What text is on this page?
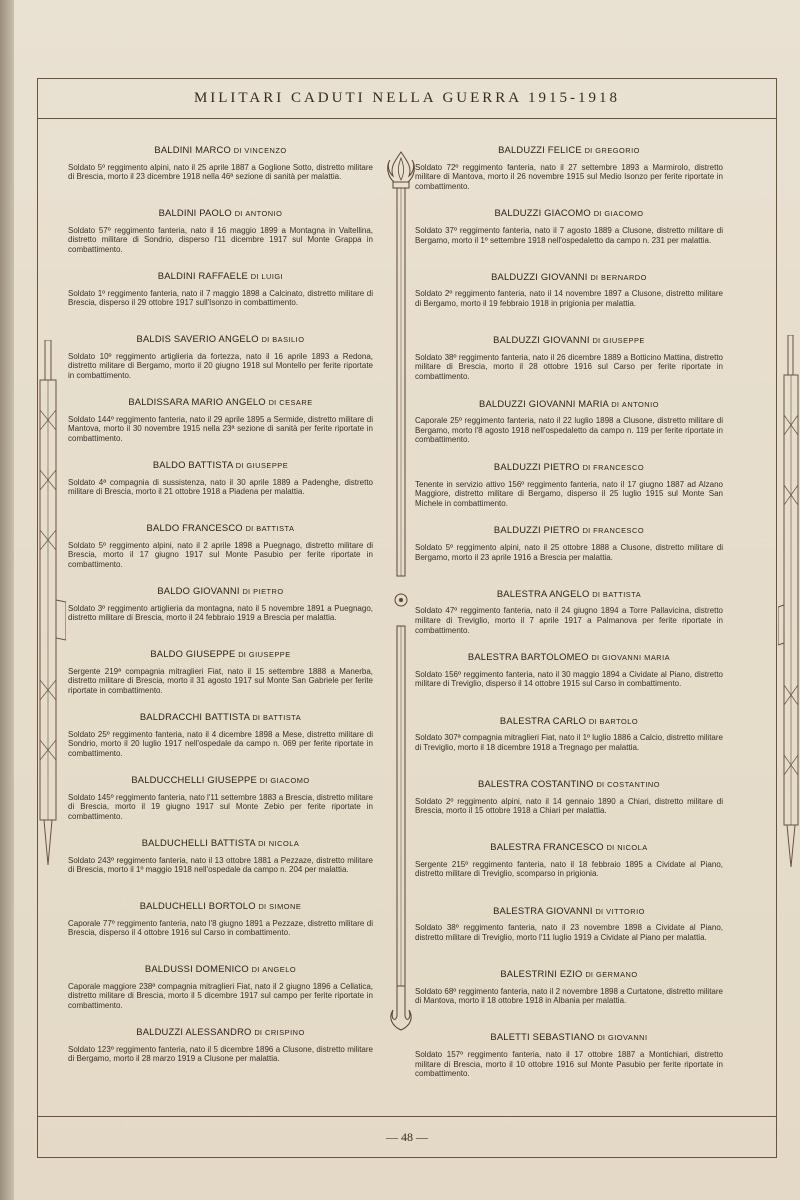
MILITARI CADUTI NELLA GUERRA 1915-1918
BALDINI MARCO DI VINCENZO
Soldato 5º reggimento alpini, nato il 25 aprile 1887 a Goglione Sotto, distretto militare di Brescia, morto il 23 dicembre 1918 nella 46ª sezione di sanità per malattia.
BALDINI PAOLO DI ANTONIO
Soldato 57º reggimento fanteria, nato il 16 maggio 1899 a Montagna in Valtellina, distretto militare di Sondrio, disperso l'11 dicembre 1917 sul Monte Grappa in combattimento.
BALDINI RAFFAELE DI LUIGI
Soldato 1º reggimento fanteria, nato il 7 maggio 1898 a Calcinato, distretto militare di Brescia, disperso il 29 ottobre 1917 sull'Isonzo in combattimento.
BALDIS SAVERIO ANGELO DI BASILIO
Soldato 10º reggimento artiglieria da fortezza, nato il 16 aprile 1893 a Redona, distretto militare di Bergamo, morto il 20 giugno 1918 sul Montello per ferite riportate in combattimento.
BALDISSARA MARIO ANGELO DI CESARE
Soldato 144º reggimento fanteria, nato il 29 aprile 1895 a Sermide, distretto militare di Mantova, morto il 30 novembre 1915 nella 23ª sezione di sanità per ferite riportate in combattimento.
BALDO BATTISTA DI GIUSEPPE
Soldato 4ª compagnia di sussistenza, nato il 30 aprile 1889 a Padenghe, distretto militare di Brescia, morto il 21 ottobre 1918 a Piadena per malattia.
BALDO FRANCESCO DI BATTISTA
Soldato 5º reggimento alpini, nato il 2 aprile 1898 a Puegnago, distretto militare di Brescia, morto il 17 giugno 1917 sul Monte Pasubio per ferite riportate in combattimento.
BALDO GIOVANNI DI PIETRO
Soldato 3º reggimento artiglieria da montagna, nato il 5 novembre 1891 a Puegnago, distretto militare di Brescia, morto il 24 febbraio 1919 a Brescia per malattia.
BALDO GIUSEPPE DI GIUSEPPE
Sergente 219ª compagnia mitraglieri Fiat, nato il 15 settembre 1888 a Manerba, distretto militare di Brescia, morto il 31 agosto 1917 sul Monte San Gabriele per ferite riportate in combattimento.
BALDRACCHI BATTISTA DI BATTISTA
Soldato 25º reggimento fanteria, nato il 4 dicembre 1898 a Mese, distretto militare di Sondrio, morto il 20 luglio 1917 nell'ospedale da campo n. 069 per ferite riportate in combattimento.
BALDUCCHELLI GIUSEPPE DI GIACOMO
Soldato 145º reggimento fanteria, nato l'11 settembre 1883 a Brescia, distretto militare di Brescia, morto il 19 giugno 1917 sul Monte Zebio per ferite riportate in combattimento.
BALDUCHELLI BATTISTA DI NICOLA
Soldato 243º reggimento fanteria, nato il 13 ottobre 1881 a Pezzaze, distretto militare di Brescia, morto il 1º maggio 1918 nell'ospedale da campo n. 204 per malattia.
BALDUCHELLI BORTOLO DI SIMONE
Caporale 77º reggimento fanteria, nato l'8 giugno 1891 a Pezzaze, distretto militare di Brescia, disperso il 4 ottobre 1916 sul Carso in combattimento.
BALDUSSI DOMENICO DI ANGELO
Caporale maggiore 238ª compagnia mitraglieri Fiat, nato il 2 giugno 1896 a Cellatica, distretto militare di Brescia, morto il 5 dicembre 1917 sul campo per ferite riportate in combattimento.
BALDUZZI ALESSANDRO DI CRISPINO
Soldato 123º reggimento fanteria, nato il 5 dicembre 1896 a Clusone, distretto militare di Bergamo, morto il 28 marzo 1919 a Clusone per malattia.
BALDUZZI FELICE DI GREGORIO
Soldato 72º reggimento fanteria, nato il 27 settembre 1893 a Marmirolo, distretto militare di Mantova, morto il 26 novembre 1915 sul Medio Isonzo per ferite riportate in combattimento.
BALDUZZI GIACOMO DI GIACOMO
Soldato 37º reggimento fanteria, nato il 7 agosto 1889 a Clusone, distretto militare di Bergamo, morto il 1º settembre 1918 nell'ospedaletto da campo n. 231 per malattia.
BALDUZZI GIOVANNI DI BERNARDO
Soldato 2º reggimento fanteria, nato il 14 novembre 1897 a Clusone, distretto militare di Bergamo, morto il 19 febbraio 1918 in prigionia per malattia.
BALDUZZI GIOVANNI DI GIUSEPPE
Soldato 38º reggimento fanteria, nato il 26 dicembre 1889 a Botticino Mattina, distretto militare di Brescia, morto il 28 ottobre 1916 sul Carso per ferite riportate in combattimento.
BALDUZZI GIOVANNI MARIA DI ANTONIO
Caporale 25º reggimento fanteria, nato il 22 luglio 1898 a Clusone, distretto militare di Bergamo, morto l'8 agosto 1918 nell'ospedaletto da campo n. 119 per ferite riportate in combattimento.
BALDUZZI PIETRO DI FRANCESCO
Tenente in servizio attivo 156º reggimento fanteria, nato il 17 giugno 1887 ad Alzano Maggiore, distretto militare di Bergamo, disperso il 25 luglio 1915 sul Monte San Michele in combattimento.
BALDUZZI PIETRO DI FRANCESCO
Soldato 5º reggimento alpini, nato il 25 ottobre 1888 a Clusone, distretto militare di Bergamo, morto il 23 aprile 1916 a Brescia per malattia.
BALESTRA ANGELO DI BATTISTA
Soldato 47º reggimento fanteria, nato il 24 giugno 1894 a Torre Pallavicina, distretto militare di Treviglio, morto il 7 aprile 1917 a Palmanova per ferite riportate in combattimento.
BALESTRA BARTOLOMEO DI GIOVANNI MARIA
Soldato 156º reggimento fanteria, nato il 30 maggio 1894 a Cividate al Piano, distretto militare di Treviglio, disperso il 14 ottobre 1915 sul Carso in combattimento.
BALESTRA CARLO DI BARTOLO
Soldato 307ª compagnia mitraglieri Fiat, nato il 1º luglio 1886 a Calcio, distretto militare di Treviglio, morto il 18 dicembre 1918 a Tregnago per malattia.
BALESTRA COSTANTINO DI COSTANTINO
Soldato 2º reggimento alpini, nato il 14 gennaio 1890 a Chiari, distretto militare di Brescia, morto il 15 ottobre 1918 a Chiari per malattia.
BALESTRA FRANCESCO DI NICOLA
Sergente 215º reggimento fanteria, nato il 18 febbraio 1895 a Cividate al Piano, distretto militare di Treviglio, scomparso in prigionia.
BALESTRA GIOVANNI DI VITTORIO
Soldato 38º reggimento fanteria, nato il 23 novembre 1898 a Cividate al Piano, distretto militare di Treviglio, morto l'11 luglio 1919 a Cividate al Piano per malattia.
BALESTRINI EZIO DI GERMANO
Soldato 68º reggimento fanteria, nato il 2 novembre 1898 a Curtatone, distretto militare di Mantova, morto il 18 ottobre 1918 in Albania per malattia.
BALETTI SEBASTIANO DI GIOVANNI
Soldato 157º reggimento fanteria, nato il 17 ottobre 1887 a Montichiari, distretto militare di Brescia, morto il 10 ottobre 1916 sul Monte Pasubio per ferite riportate in combattimento.
— 48 —
